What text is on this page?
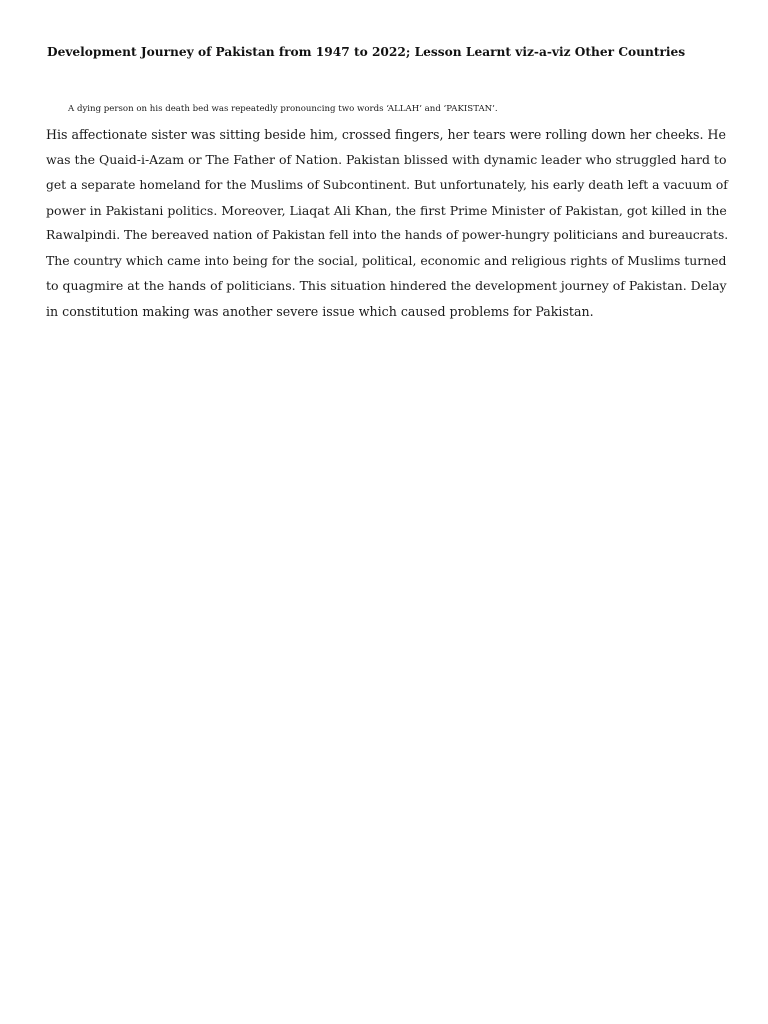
Development Journey of Pakistan from 1947 to 2022; Lesson Learnt viz-a-viz Other Countries
A dying person on his death bed was repeatedly pronouncing two words ‘ALLAH’ and ‘PAKISTAN’.
His affectionate sister was sitting beside him, crossed fingers, her tears were rolling down her cheeks. He
was the Quaid-i-Azam or The Father of Nation. Pakistan blissed with dynamic leader who struggled hard to
get a separate homeland for the Muslims of Subcontinent. But unfortunately, his early death left a vacuum of
power in Pakistani politics. Moreover, Liaqat Ali Khan, the first Prime Minister of Pakistan, got killed in the
Rawalpindi. The bereaved nation of Pakistan fell into the hands of power-hungry politicians and bureaucrats.
The country which came into being for the social, political, economic and religious rights of Muslims turned
to quagmire at the hands of politicians. This situation hindered the development journey of Pakistan. Delay
in constitution making was another severe issue which caused problems for Pakistan.
